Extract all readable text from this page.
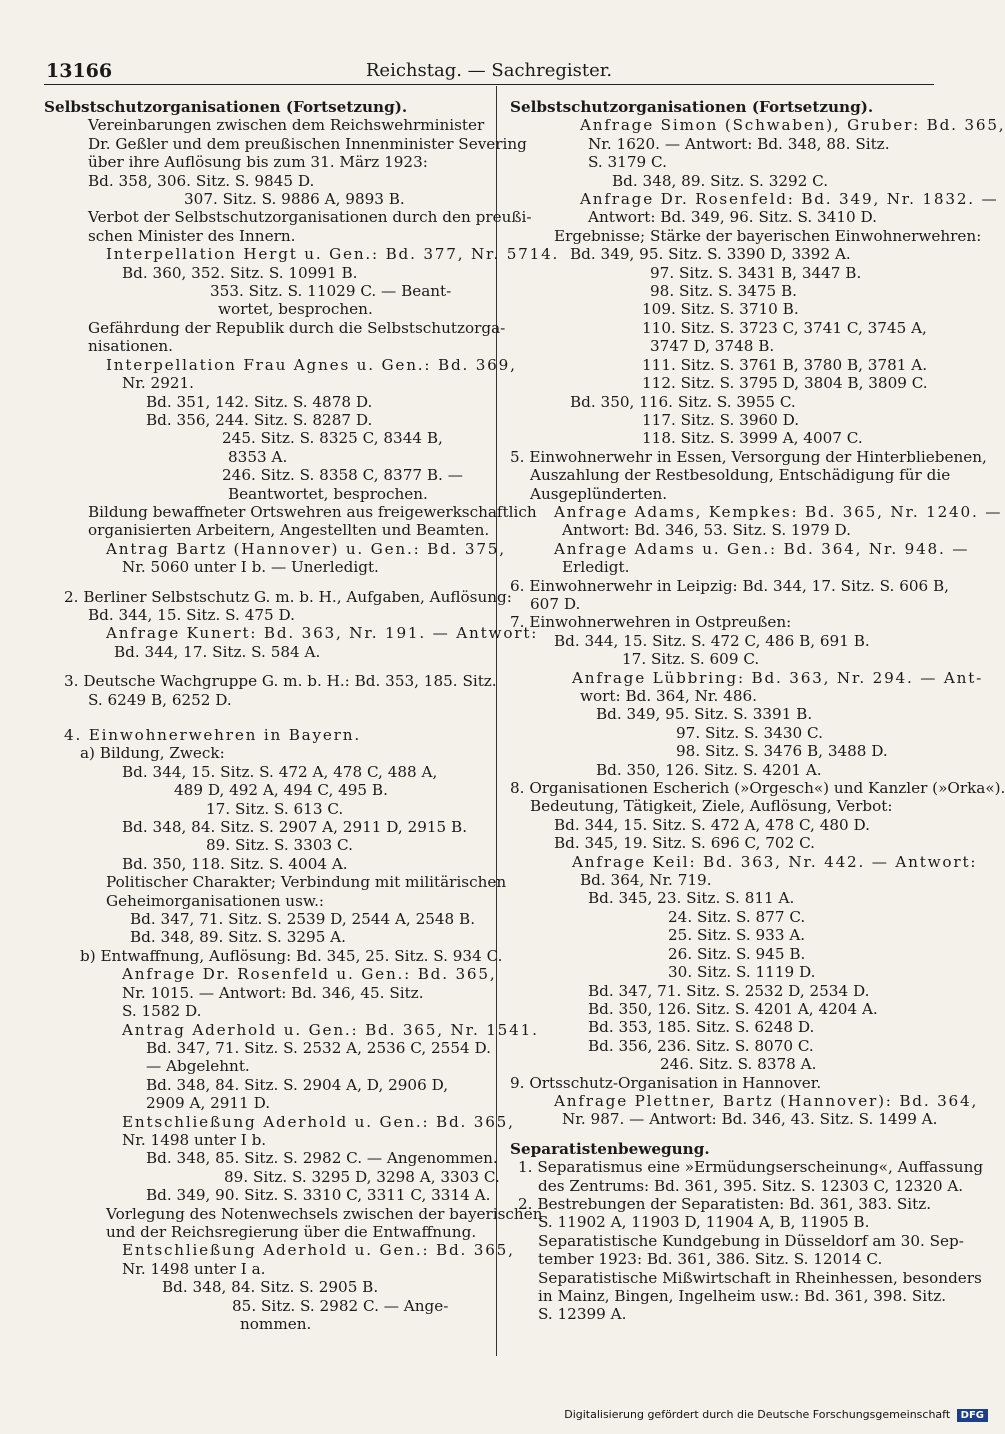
13166	Reichstag. — Sachregister.
Selbstschutzorganisationen (Fortsetzung).
Vereinbarungen zwischen dem Reichswehrminister
Dr. Geßler und dem preußischen Innenminister Severing
über ihre Auflösung bis zum 31. März 1923:
Bd. 358, 306. Sitz. S. 9845 D.
307. Sitz. S. 9886 A, 9893 B.
Verbot der Selbstschutzorganisationen durch den preußi-
schen Minister des Innern.
Interpellation Hergt u. Gen.: Bd. 377, Nr. 5714.
Bd. 360, 352. Sitz. S. 10991 B.
353. Sitz. S. 11029 C. — Beant-
wortet, besprochen.
Gefährdung der Republik durch die Selbstschutzorga-
nisationen.
Interpellation Frau Agnes u. Gen.: Bd. 369,
Nr. 2921.
Bd. 351, 142. Sitz. S. 4878 D.
Bd. 356, 244. Sitz. S. 8287 D.
245. Sitz. S. 8325 C, 8344 B,
8353 A.
246. Sitz. S. 8358 C, 8377 B. —
Beantwortet, besprochen.
Bildung bewaffneter Ortswehren aus freigewerkschaftlich
organisierten Arbeitern, Angestellten und Beamten.
Antrag Bartz (Hannover) u. Gen.: Bd. 375,
Nr. 5060 unter I b. — Unerledigt.
2. Berliner Selbstschutz G. m. b. H., Aufgaben, Auflösung:
Bd. 344, 15. Sitz. S. 475 D.
Anfrage Kunert: Bd. 363, Nr. 191. — Antwort:
Bd. 344, 17. Sitz. S. 584 A.
3. Deutsche Wachgruppe G. m. b. H.: Bd. 353, 185. Sitz.
S. 6249 B, 6252 D.
4. Einwohnerwehren in Bayern.
a) Bildung, Zweck:
Bd. 344, 15. Sitz. S. 472 A, 478 C, 488 A,
489 D, 492 A, 494 C, 495 B.
17. Sitz. S. 613 C.
Bd. 348, 84. Sitz. S. 2907 A, 2911 D, 2915 B.
89. Sitz. S. 3303 C.
Bd. 350, 118. Sitz. S. 4004 A.
Politischer Charakter; Verbindung mit militärischen
Geheimorganisationen usw.:
Bd. 347, 71. Sitz. S. 2539 D, 2544 A, 2548 B.
Bd. 348, 89. Sitz. S. 3295 A.
b) Entwaffnung, Auflösung: Bd. 345, 25. Sitz. S. 934 C.
Anfrage Dr. Rosenfeld u. Gen.: Bd. 365,
Nr. 1015. — Antwort: Bd. 346, 45. Sitz.
S. 1582 D.
Antrag Aderhold u. Gen.: Bd. 365, Nr. 1541.
Bd. 347, 71. Sitz. S. 2532 A, 2536 C, 2554 D.
— Abgelehnt.
Bd. 348, 84. Sitz. S. 2904 A, D, 2906 D,
2909 A, 2911 D.
Entschließung Aderhold u. Gen.: Bd. 365,
Nr. 1498 unter I b.
Bd. 348, 85. Sitz. S. 2982 C. — Angenommen.
89. Sitz. S. 3295 D, 3298 A, 3303 C.
Bd. 349, 90. Sitz. S. 3310 C, 3311 C, 3314 A.
Vorlegung des Notenwechsels zwischen der bayerischen
und der Reichsregierung über die Entwaffnung.
Entschließung Aderhold u. Gen.: Bd. 365,
Nr. 1498 unter I a.
Bd. 348, 84. Sitz. S. 2905 B.
85. Sitz. S. 2982 C. — Ange-
nommen.
Selbstschutzorganisationen (Fortsetzung).
Anfrage Simon (Schwaben), Gruber: Bd. 365,
Nr. 1620. — Antwort: Bd. 348, 88. Sitz.
S. 3179 C.
Bd. 348, 89. Sitz. S. 3292 C.
Anfrage Dr. Rosenfeld: Bd. 349, Nr. 1832. —
Antwort: Bd. 349, 96. Sitz. S. 3410 D.
Ergebnisse; Stärke der bayerischen Einwohnerwehren:
Bd. 349, 95. Sitz. S. 3390 D, 3392 A.
97. Sitz. S. 3431 B, 3447 B.
98. Sitz. S. 3475 B.
109. Sitz. S. 3710 B.
110. Sitz. S. 3723 C, 3741 C, 3745 A,
3747 D, 3748 B.
111. Sitz. S. 3761 B, 3780 B, 3781 A.
112. Sitz. S. 3795 D, 3804 B, 3809 C.
Bd. 350, 116. Sitz. S. 3955 C.
117. Sitz. S. 3960 D.
118. Sitz. S. 3999 A, 4007 C.
5. Einwohnerwehr in Essen, Versorgung der Hinterbliebenen,
Auszahlung der Restbesoldung, Entschädigung für die
Ausgeplünderten.
Anfrage Adams, Kempkes: Bd. 365, Nr. 1240. —
Antwort: Bd. 346, 53. Sitz. S. 1979 D.
Anfrage Adams u. Gen.: Bd. 364, Nr. 948. —
Erledigt.
6. Einwohnerwehr in Leipzig: Bd. 344, 17. Sitz. S. 606 B,
607 D.
7. Einwohnerwehren in Ostpreußen:
Bd. 344, 15. Sitz. S. 472 C, 486 B, 691 B.
17. Sitz. S. 609 C.
Anfrage Lübbring: Bd. 363, Nr. 294. — Ant-
wort: Bd. 364, Nr. 486.
Bd. 349, 95. Sitz. S. 3391 B.
97. Sitz. S. 3430 C.
98. Sitz. S. 3476 B, 3488 D.
Bd. 350, 126. Sitz. S. 4201 A.
8. Organisationen Escherich (»Orgesch«) und Kanzler (»Orka«).
Bedeutung, Tätigkeit, Ziele, Auflösung, Verbot:
Bd. 344, 15. Sitz. S. 472 A, 478 C, 480 D.
Bd. 345, 19. Sitz. S. 696 C, 702 C.
Anfrage Keil: Bd. 363, Nr. 442. — Antwort:
Bd. 364, Nr. 719.
Bd. 345, 23. Sitz. S. 811 A.
24. Sitz. S. 877 C.
25. Sitz. S. 933 A.
26. Sitz. S. 945 B.
30. Sitz. S. 1119 D.
Bd. 347, 71. Sitz. S. 2532 D, 2534 D.
Bd. 350, 126. Sitz. S. 4201 A, 4204 A.
Bd. 353, 185. Sitz. S. 6248 D.
Bd. 356, 236. Sitz. S. 8070 C.
246. Sitz. S. 8378 A.
9. Ortsschutz-Organisation in Hannover.
Anfrage Plettner, Bartz (Hannover): Bd. 364,
Nr. 987. — Antwort: Bd. 346, 43. Sitz. S. 1499 A.
Separatistenbewegung.
1. Separatismus eine »Ermüdungserscheinung«, Auffassung
des Zentrums: Bd. 361, 395. Sitz. S. 12303 C, 12320 A.
2. Bestrebungen der Separatisten: Bd. 361, 383. Sitz.
S. 11902 A, 11903 D, 11904 A, B, 11905 B.
Separatistische Kundgebung in Düsseldorf am 30. Sep-
tember 1923: Bd. 361, 386. Sitz. S. 12014 C.
Separatistische Mißwirtschaft in Rheinhessen, besonders
in Mainz, Bingen, Ingelheim usw.: Bd. 361, 398. Sitz.
S. 12399 A.
Digitalisierung gefördert durch die Deutsche Forschungsgemeinschaft DFG
